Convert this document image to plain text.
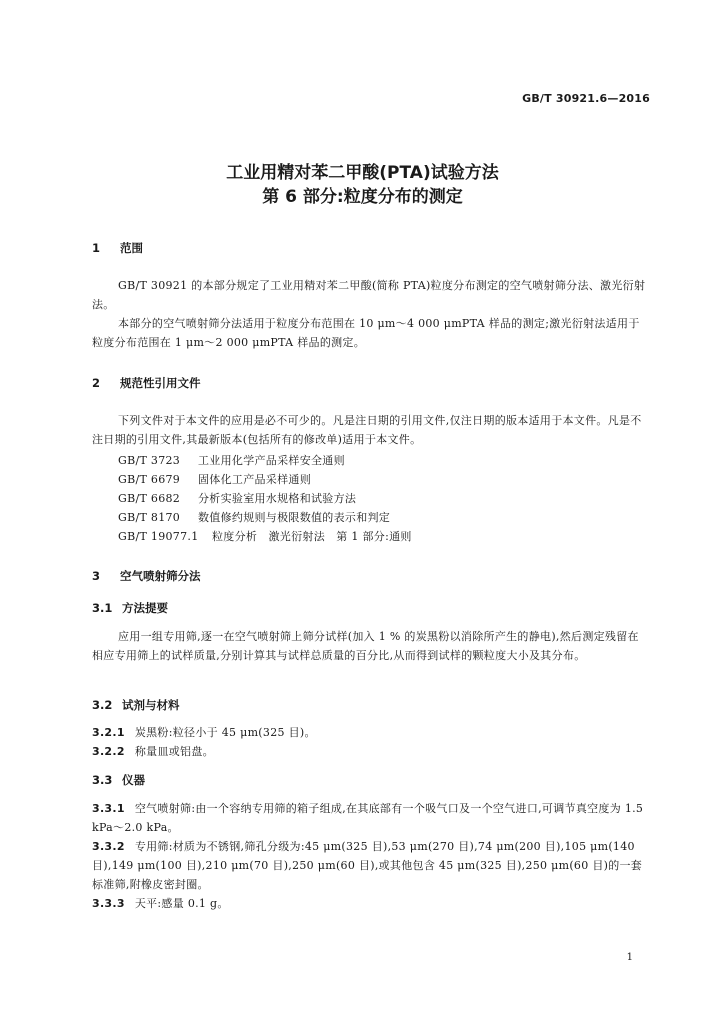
GB/T 30921.6—2016
工业用精对苯二甲酸(PTA)试验方法
第 6 部分:粒度分布的测定
1 范围
GB/T 30921 的本部分规定了工业用精对苯二甲酸(简称 PTA)粒度分布测定的空气喷射筛分法、激光衍射法。
本部分的空气喷射筛分法适用于粒度分布范围在 10 μm～4 000 μmPTA 样品的测定;激光衍射法适用于粒度分布范围在 1 μm～2 000 μmPTA 样品的测定。
2 规范性引用文件
下列文件对于本文件的应用是必不可少的。凡是注日期的引用文件,仅注日期的版本适用于本文件。凡是不注日期的引用文件,其最新版本(包括所有的修改单)适用于本文件。
GB/T 3723 工业用化学产品采样安全通则
GB/T 6679 固体化工产品采样通则
GB/T 6682 分析实验室用水规格和试验方法
GB/T 8170 数值修约规则与极限数值的表示和判定
GB/T 19077.1 粒度分析　激光衍射法　第 1 部分:通则
3 空气喷射筛分法
3.1 方法提要
应用一组专用筛,逐一在空气喷射筛上筛分试样(加入 1 % 的炭黑粉以消除所产生的静电),然后测定残留在相应专用筛上的试样质量,分别计算其与试样总质量的百分比,从而得到试样的颗粒度大小及其分布。
3.2 试剂与材料
3.2.1 炭黑粉:粒径小于 45 μm(325 目)。
3.2.2 称量皿或铝盘。
3.3 仪器
3.3.1 空气喷射筛:由一个容纳专用筛的箱子组成,在其底部有一个吸气口及一个空气进口,可调节真空度为 1.5 kPa～2.0 kPa。
3.3.2 专用筛:材质为不锈钢,筛孔分级为:45 μm(325 目),53 μm(270 目),74 μm(200 目),105 μm(140 目),149 μm(100 目),210 μm(70 目),250 μm(60 目),或其他包含 45 μm(325 目),250 μm(60 目)的一套标准筛,附橡皮密封圈。
3.3.3 天平:感量 0.1 g。
1
